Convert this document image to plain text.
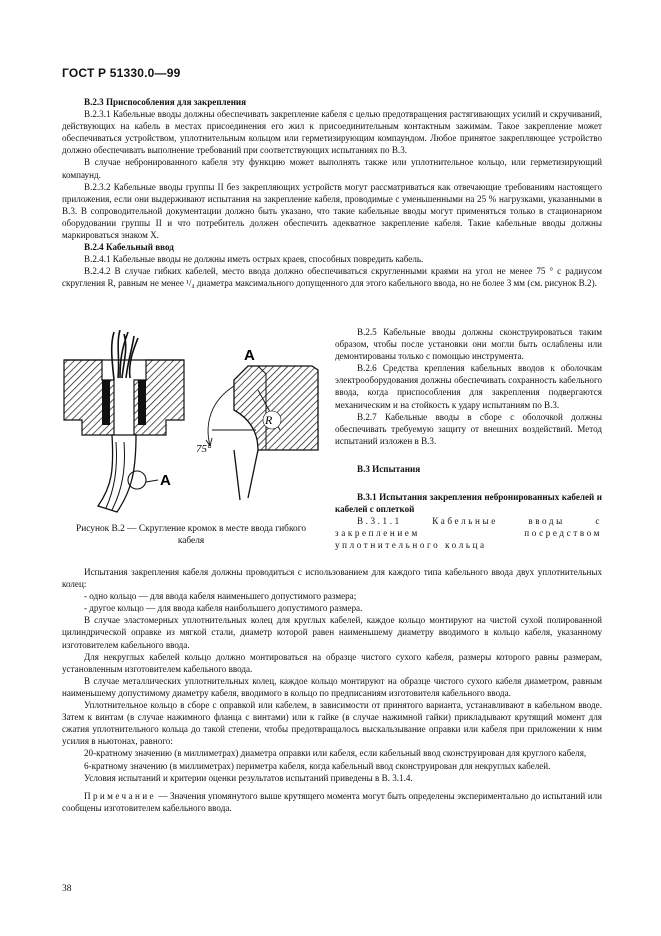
ГОСТ Р 51330.0—99

В.2.3 Приспособления для закрепления

В.2.3.1 Кабельные вводы должны обеспечивать закрепление кабеля с целью предотвращения растягивающих усилий и скручиваний, действующих на кабель в местах присоединения его жил к присоединительным контактным зажимам. Такое закрепление может обеспечиваться устройством, уплотнительным кольцом или герметизирующим компаундом. Любое принятое закрепляющее устройство должно обеспечивать выполнение требований при соответствующих испытаниях по В.3.

В случае небронированного кабеля эту функцию может выполнять также или уплотнительное кольцо, или герметизирующий компаунд.

В.2.3.2 Кабельные вводы группы II без закрепляющих устройств могут рассматриваться как отвечающие требованиям настоящего приложения, если они выдерживают испытания на закрепление кабеля, проводимые с уменьшенными на 25 % нагрузками, указанными в В.3. В сопроводительной документации должно быть указано, что такие кабельные вводы могут применяться только в стационарном оборудовании группы II и что потребитель должен обеспечить адекватное закрепление кабеля. Такие кабельные вводы должны маркироваться знаком X.

В.2.4 Кабельный ввод

В.2.4.1 Кабельные вводы не должны иметь острых краев, способных повредить кабель.

В.2.4.2 В случае гибких кабелей, место ввода должно обеспечиваться скругленными краями на угол не менее 75 ° с радиусом скругления R, равным не менее ¹/₄ диаметра максимального допущенного для этого кабельного ввода, но не более 3 мм (см. рисунок В.2).

A
A
R
75°
Рисунок В.2 — Скругление кромок в месте ввода гибкого кабеля

В.2.5 Кабельные вводы должны сконструироваться таким образом, чтобы после установки они могли быть ослаблены или демонтированы только с помощью инструмента.

В.2.6 Средства крепления кабельных вводов к оболочкам электрооборудования должны обеспечивать сохранность кабельного ввода, когда приспособления для закрепления подвергаются механическим и на стойкость к удару испытаниям по В.3.

В.2.7 Кабельные вводы в сборе с оболочкой должны обеспечивать требуемую защиту от внешних воздействий. Метод испытаний изложен в В.3.

В.3 Испытания

В.3.1 Испытания закрепления небронированных кабелей и кабелей с оплеткой

В.3.1.1 Кабельные вводы с закреплением посредством уплотнительного кольца

Испытания закрепления кабеля должны проводиться с использованием для каждого типа кабельного ввода двух уплотнительных колец:

- одно кольцо — для ввода кабеля наименьшего допустимого размера;

- другое кольцо — для ввода кабеля наибольшего допустимого размера.

В случае эластомерных уплотнительных колец для круглых кабелей, каждое кольцо монтируют на чистой сухой полированной цилиндрической оправке из мягкой стали, диаметр которой равен наименьшему диаметру вводимого в кольцо кабеля, указанному изготовителем кабельного ввода.

Для некруглых кабелей кольцо должно монтироваться на образце чистого сухого кабеля, размеры которого равны размерам, установленным изготовителем кабельного ввода.

В случае металлических уплотнительных колец, каждое кольцо монтируют на образце чистого сухого кабеля диаметром, равным наименьшему допустимому диаметру кабеля, вводимого в кольцо по предписаниям изготовителя кабельного ввода.

Уплотнительное кольцо в сборе с оправкой или кабелем, в зависимости от принятого варианта, устанавливают в кабельном вводе. Затем к винтам (в случае нажимного фланца с винтами) или к гайке (в случае нажимной гайки) прикладывают крутящий момент для сжатия уплотнительного кольца до такой степени, чтобы предотвращалось выскальзывание оправки или кабеля при приложении к ним усилия в ньютонах, равного:

20-кратному значению (в миллиметрах) диаметра оправки или кабеля, если кабельный ввод сконструирован для круглого кабеля,

6-кратному значению (в миллиметрах) периметра кабеля, когда кабельный ввод сконструирован для некруглых кабелей.

Условия испытаний и критерии оценки результатов испытаний приведены в В. 3.1.4.

Примечание — Значения упомянутого выше крутящего момента могут быть определены экспериментально до испытаний или сообщены изготовителем кабельного ввода.

38
